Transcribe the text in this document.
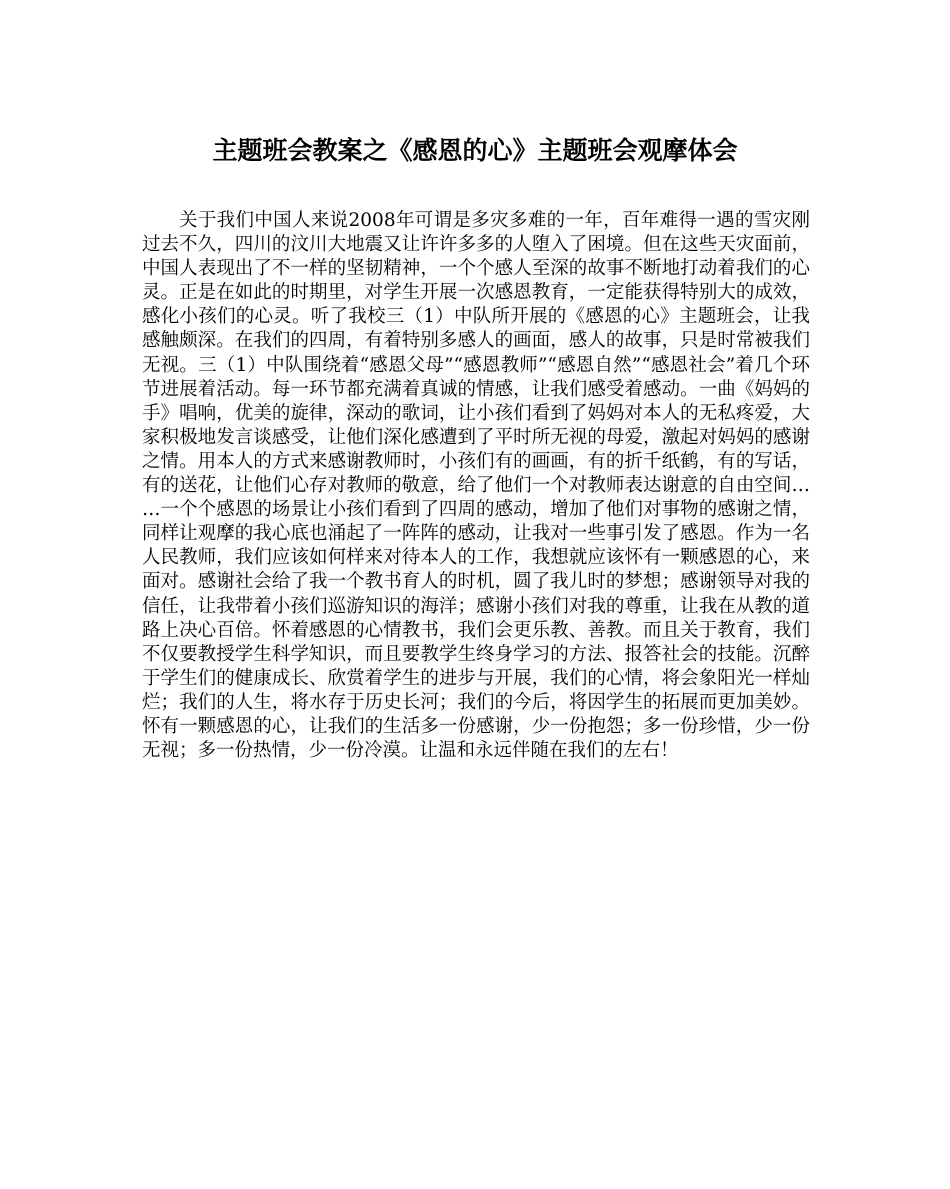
主题班会教案之《感恩的心》主题班会观摩体会

关于我们中国人来说2008年可谓是多灾多难的一年，百年难得一遇的雪灾刚过去不久，四川的汶川大地震又让许许多多的人堕入了困境。但在这些天灾面前，中国人表现出了不一样的坚韧精神，一个个感人至深的故事不断地打动着我们的心灵。正是在如此的时期里，对学生开展一次感恩教育，一定能获得特别大的成效，感化小孩们的心灵。听了我校三（1）中队所开展的《感恩的心》主题班会，让我感触颇深。在我们的四周，有着特别多感人的画面，感人的故事，只是时常被我们无视。三（1）中队围绕着“感恩父母”“感恩教师”“感恩自然”“感恩社会”着几个环节进展着活动。每一环节都充满着真诚的情感，让我们感受着感动。一曲《妈妈的手》唱响，优美的旋律，深动的歌词，让小孩们看到了妈妈对本人的无私疼爱，大家积极地发言谈感受，让他们深化感遭到了平时所无视的母爱，激起对妈妈的感谢之情。用本人的方式来感谢教师时，小孩们有的画画，有的折千纸鹤，有的写话，有的送花，让他们心存对教师的敬意，给了他们一个对教师表达谢意的自由空间……一个个感恩的场景让小孩们看到了四周的感动，增加了他们对事物的感谢之情，同样让观摩的我心底也涌起了一阵阵的感动，让我对一些事引发了感恩。作为一名人民教师，我们应该如何样来对待本人的工作，我想就应该怀有一颗感恩的心，来面对。感谢社会给了我一个教书育人的时机，圆了我儿时的梦想；感谢领导对我的信任，让我带着小孩们巡游知识的海洋；感谢小孩们对我的尊重，让我在从教的道路上决心百倍。怀着感恩的心情教书，我们会更乐教、善教。而且关于教育，我们不仅要教授学生科学知识，而且要教学生终身学习的方法、报答社会的技能。沉醉于学生们的健康成长、欣赏着学生的进步与开展，我们的心情，将会象阳光一样灿烂；我们的人生，将水存于历史长河；我们的今后，将因学生的拓展而更加美妙。怀有一颗感恩的心，让我们的生活多一份感谢，少一份抱怨；多一份珍惜，少一份无视；多一份热情，少一份冷漠。让温和永远伴随在我们的左右！
